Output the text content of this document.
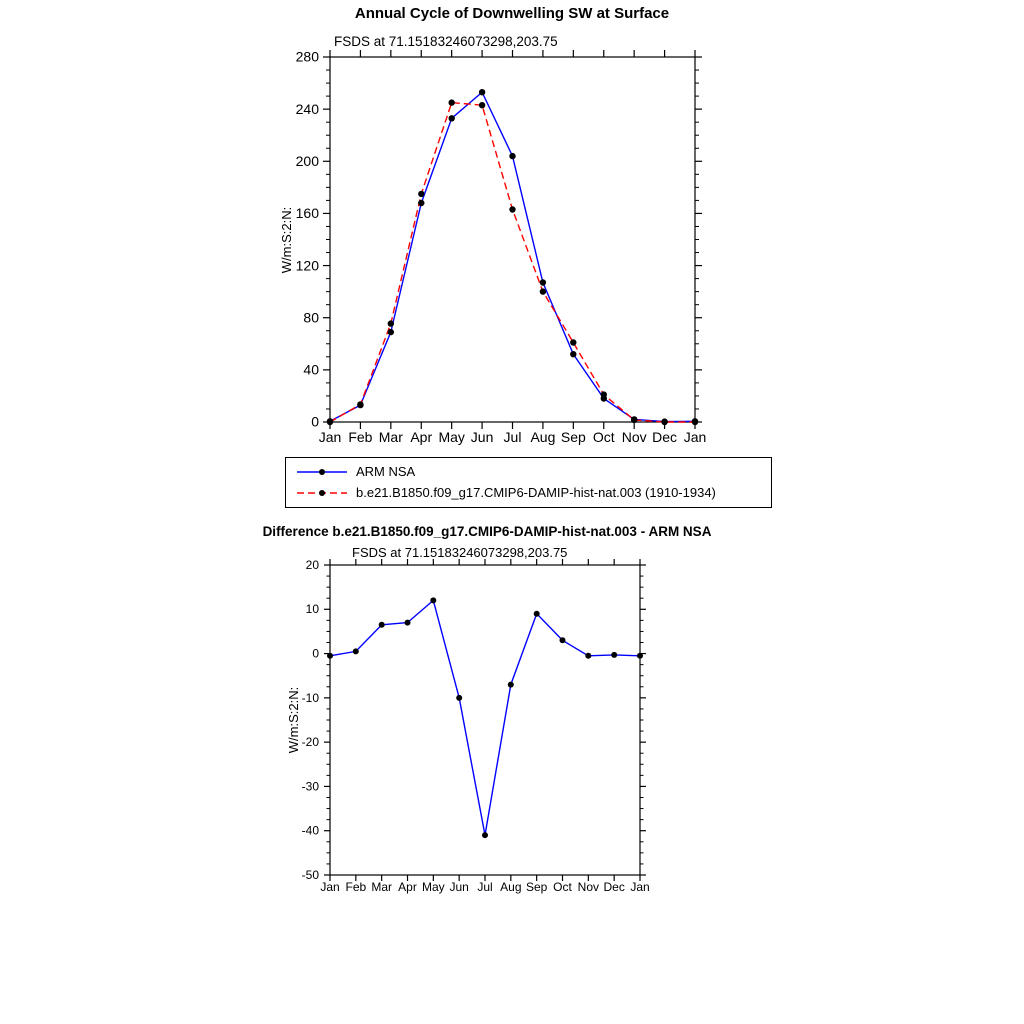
Annual Cycle of Downwelling SW at Surface
FSDS at 71.15183246073298,203.75
W/m:S:2:N:
Difference b.e21.B1850.f09_g17.CMIP6-DAMIP-hist-nat.003 - ARM NSA
FSDS at 71.15183246073298,203.75
W/m:S:2:N:
0
40
80
120
160
200
240
280
Jan Feb Mar Apr May Jun Jul Aug Sep Oct Nov Dec Jan
-50
-40
-30
-20
-10
0
10
20
Jan Feb Mar Apr May Jun Jul Aug Sep Oct Nov Dec Jan
ARM NSA
b.e21.B1850.f09_g17.CMIP6-DAMIP-hist-nat.003 (1910-1934)
